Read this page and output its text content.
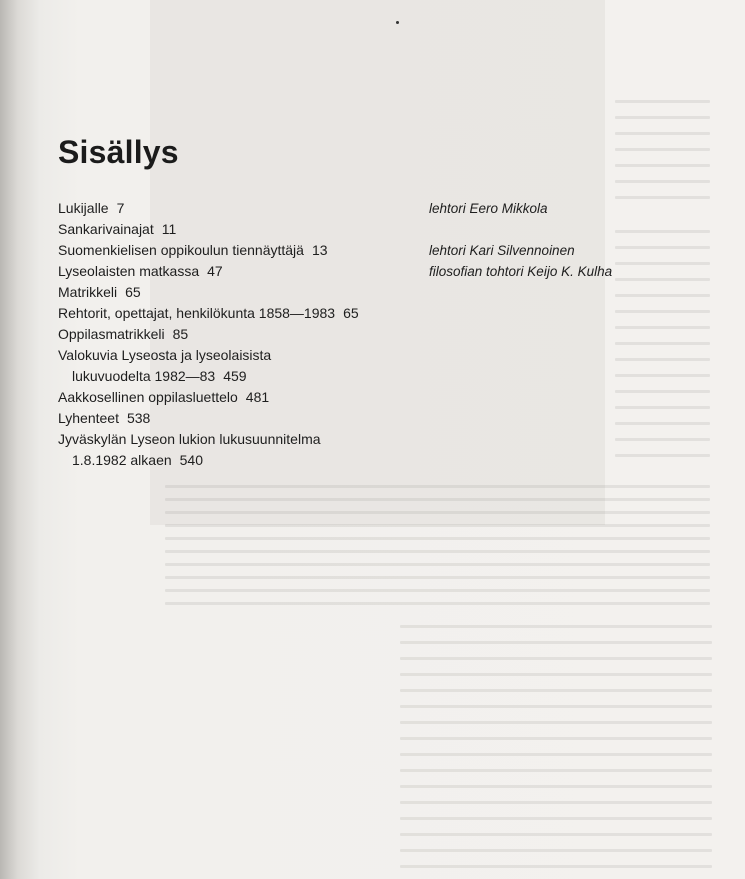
Sisällys
Lukijalle 7
Sankarivainajat 11
Suomenkielisen oppikoulun tiennäyttäjä 13
Lyseolaisten matkassa 47
Matrikkeli 65
Rehtorit, opettajat, henkilökunta 1858—1983 65
Oppilasmatrikkeli 85
Valokuvia Lyseosta ja lyseolaisista
lukuvuodelta 1982—83 459
Aakkosellinen oppilasluettelo 481
Lyhenteet 538
Jyväskylän Lyseon lukion lukusuunnitelma
1.8.1982 alkaen 540
lehtori Eero Mikkola

lehtori Kari Silvennoinen
filosofian tohtori Keijo K. Kulha
